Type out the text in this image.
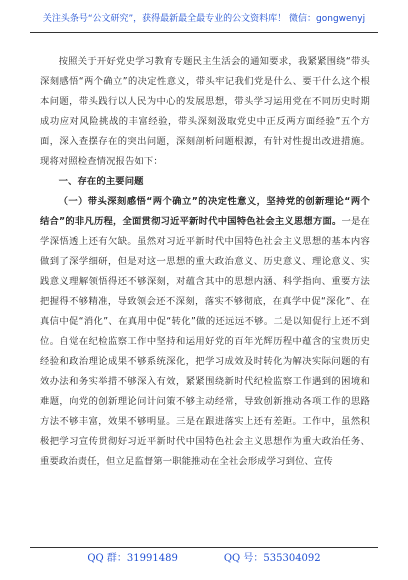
关注头条号“公文研究”，获得最新最全最专业的公文资料库！ 微信：gongwenyj

按照关于开好党史学习教育专题民主生活会的通知要求，我紧紧围绕“带头深刻感悟“两个确立”的决定性意义，带头牢记我们党是什么、要干什么这个根本问题，带头践行以人民为中心的发展思想，带头学习运用党在不同历史时期成功应对风险挑战的丰富经验，带头深刻汲取党史中正反两方面经验”五个方面，深入查摆存在的突出问题，深刻剖析问题根源，有针对性提出改进措施。现将对照检查情况报告如下：

一、存在的主要问题

（一）带头深刻感悟“两个确立”的决定性意义，坚持党的创新理论“两个结合”的非凡历程，全面贯彻习近平新时代中国特色社会主义思想方面。一是在学深悟透上还有欠缺。虽然对习近平新时代中国特色社会主义思想的基本内容做到了深学细研，但是对这一思想的重大政治意义、历史意义、理论意义、实践意义理解领悟得还不够深刻，对蕴含其中的思想内涵、科学指向、重要方法把握得不够精准，导致领会还不深刻，落实不够彻底，在真学中促“深化”、在真信中促“消化”、在真用中促“转化”做的还远远不够。二是以知促行上还不到位。自觉在纪检监察工作中坚持和运用好党的百年光辉历程中蕴含的宝贵历史经验和政治理论成果不够系统深化，把学习成效及时转化为解决实际问题的有效办法和务实举措不够深入有效，紧紧围绕新时代纪检监察工作遇到的困境和难题，向党的创新理论问计问策不够主动经常，导致创新推动各项工作的思路方法不够丰富，效果不够明显。三是在跟进落实上还有差距。工作中，虽然积极把学习宣传贯彻好习近平新时代中国特色社会主义思想作为重大政治任务、重要政治责任，但立足监督第一职能推动在全社会形成学习到位、宣传

QQ 群：31991489	QQ 号：535304092
